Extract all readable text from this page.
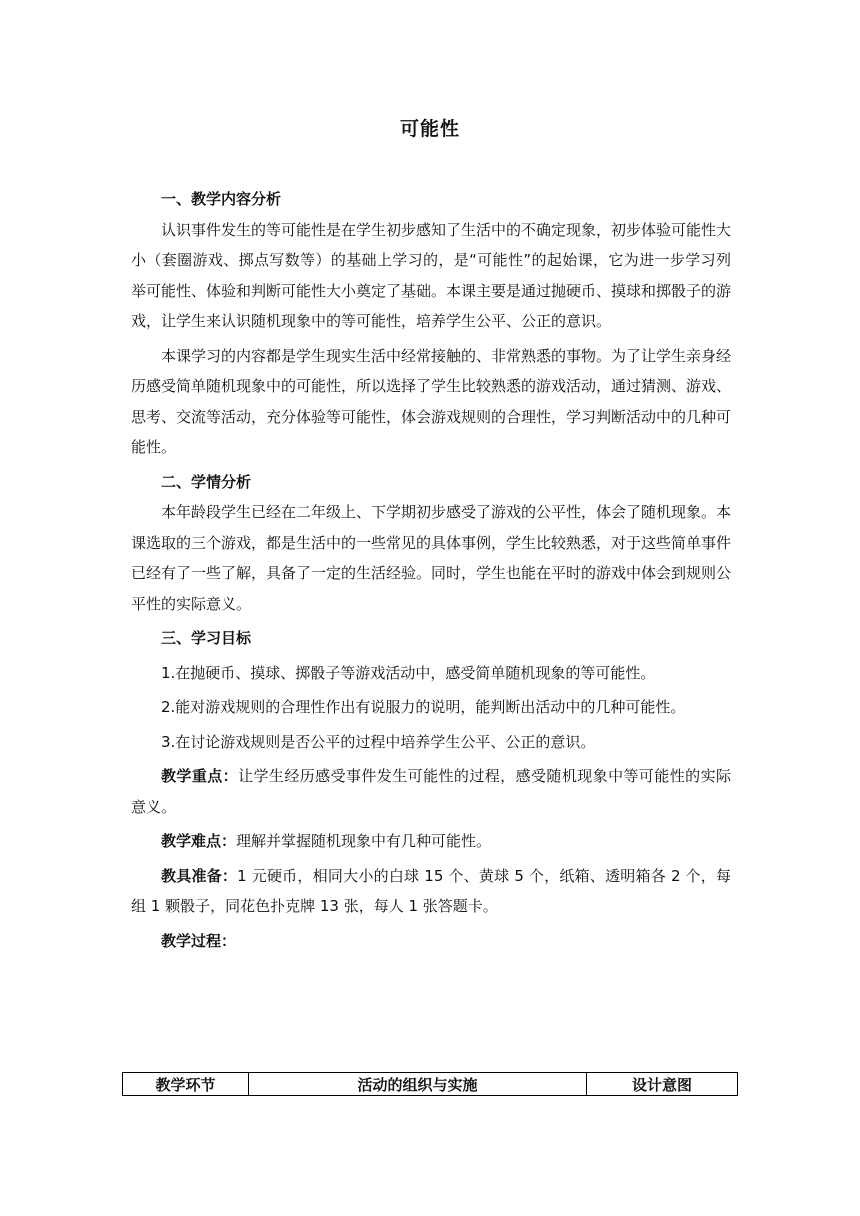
可能性
一、教学内容分析

认识事件发生的等可能性是在学生初步感知了生活中的不确定现象，初步体验可能性大小（套圈游戏、掷点写数等）的基础上学习的，是“可能性”的起始课，它为进一步学习列举可能性、体验和判断可能性大小奠定了基础。本课主要是通过抛硬币、摸球和掷骰子的游戏，让学生来认识随机现象中的等可能性，培养学生公平、公正的意识。

本课学习的内容都是学生现实生活中经常接触的、非常熟悉的事物。为了让学生亲身经历感受简单随机现象中的可能性，所以选择了学生比较熟悉的游戏活动，通过猜测、游戏、思考、交流等活动，充分体验等可能性，体会游戏规则的合理性，学习判断活动中的几种可能性。

二、学情分析

本年龄段学生已经在二年级上、下学期初步感受了游戏的公平性，体会了随机现象。本课选取的三个游戏，都是生活中的一些常见的具体事例，学生比较熟悉，对于这些简单事件已经有了一些了解，具备了一定的生活经验。同时，学生也能在平时的游戏中体会到规则公平性的实际意义。

三、学习目标

1.在抛硬币、摸球、掷骰子等游戏活动中，感受简单随机现象的等可能性。

2.能对游戏规则的合理性作出有说服力的说明，能判断出活动中的几种可能性。

3.在讨论游戏规则是否公平的过程中培养学生公平、公正的意识。

教学重点：让学生经历感受事件发生可能性的过程，感受随机现象中等可能性的实际意义。

教学难点：理解并掌握随机现象中有几种可能性。

教具准备：1 元硬币，相同大小的白球 15 个、黄球 5 个，纸箱、透明箱各 2 个，每组 1 颗骰子，同花色扑克牌 13 张，每人 1 张答题卡。

教学过程：

教学环节	活动的组织与实施	设计意图
